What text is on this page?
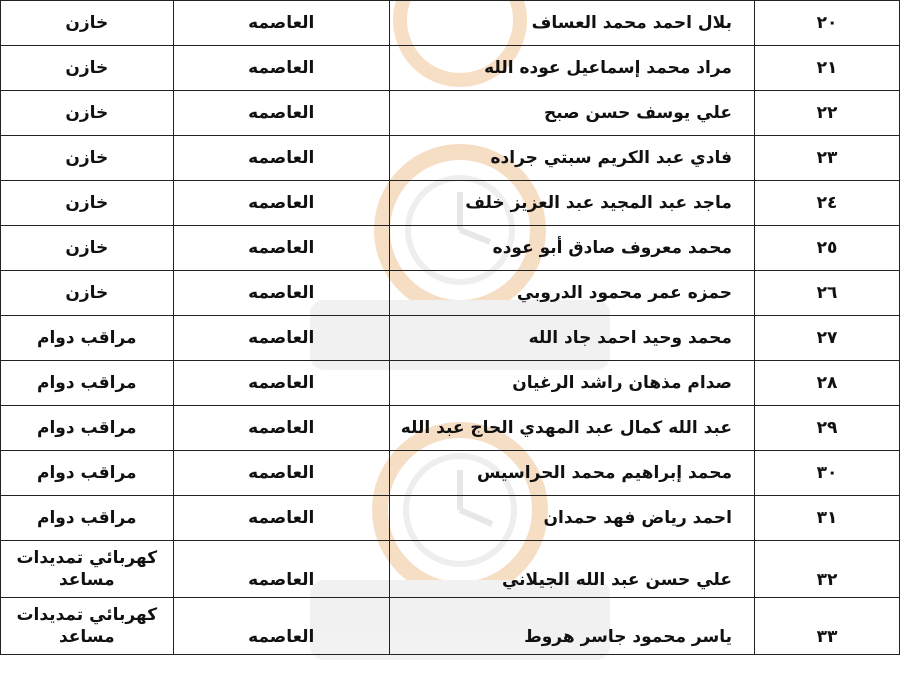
٢٠	بلال احمد محمد العساف	العاصمه	خازن
٢١	مراد محمد إسماعيل عوده الله	العاصمه	خازن
٢٢	علي يوسف حسن صبح	العاصمه	خازن
٢٣	فادي عبد الكريم سبتي جراده	العاصمه	خازن
٢٤	ماجد عبد المجيد عبد العزيز خلف	العاصمه	خازن
٢٥	محمد معروف صادق أبو عوده	العاصمه	خازن
٢٦	حمزه عمر محمود الدروبي	العاصمه	خازن
٢٧	محمد وحيد احمد جاد الله	العاصمه	مراقب دوام
٢٨	صدام مذهان راشد الرغيان	العاصمه	مراقب دوام
٢٩	عبد الله كمال عبد المهدي الحاج عبد الله	العاصمه	مراقب دوام
٣٠	محمد إبراهيم محمد الحراسيس	العاصمه	مراقب دوام
٣١	احمد رياض فهد حمدان	العاصمه	مراقب دوام
٣٢	علي حسن عبد الله الجيلاني	العاصمه	كهربائي تمديدات
مساعد

٣٣	ياسر محمود جاسر هروط	العاصمه	كهربائي تمديدات
مساعد
